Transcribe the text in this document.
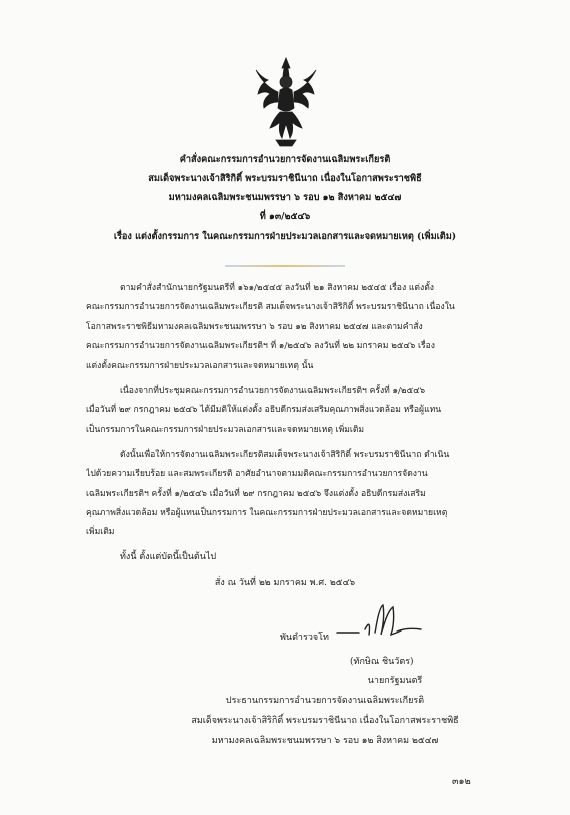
คำสั่งคณะกรรมการอำนวยการจัดงานเฉลิมพระเกียรติ
สมเด็จพระนางเจ้าสิริกิติ์ พระบรมราชินีนาถ เนื่องในโอกาสพระราชพิธี
มหามงคลเฉลิมพระชนมพรรษา ๖ รอบ ๑๒ สิงหาคม ๒๕๔๗
ที่ ๑๓/๒๕๔๖
เรื่อง แต่งตั้งกรรมการ ในคณะกรรมการฝ่ายประมวลเอกสารและจดหมายเหตุ (เพิ่มเติม)
ตามคำสั่งสำนักนายกรัฐมนตรีที่ ๑๖๑/๒๕๔๕ ลงวันที่ ๒๑ สิงหาคม ๒๕๔๕ เรื่อง แต่งตั้ง
คณะกรรมการอำนวยการจัดงานเฉลิมพระเกียรติ สมเด็จพระนางเจ้าสิริกิติ์ พระบรมราชินีนาถ เนื่องใน
โอกาสพระราชพิธีมหามงคลเฉลิมพระชนมพรรษา ๖ รอบ ๑๒ สิงหาคม ๒๕๔๗ และตามคำสั่ง
คณะกรรมการอำนวยการจัดงานเฉลิมพระเกียรติฯ ที่ ๑/๒๕๔๖ ลงวันที่ ๒๒ มกราคม ๒๕๔๖ เรื่อง
แต่งตั้งคณะกรรมการฝ่ายประมวลเอกสารและจดหมายเหตุ นั้น
เนื่องจากที่ประชุมคณะกรรมการอำนวยการจัดงานเฉลิมพระเกียรติฯ ครั้งที่ ๑/๒๕๔๖
เมื่อวันที่ ๒๙ กรกฎาคม ๒๕๔๖ ได้มีมติให้แต่งตั้ง อธิบดีกรมส่งเสริมคุณภาพสิ่งแวดล้อม หรือผู้แทน
เป็นกรรมการในคณะกรรมการฝ่ายประมวลเอกสารและจดหมายเหตุ เพิ่มเติม
ดังนั้นเพื่อให้การจัดงานเฉลิมพระเกียรติสมเด็จพระนางเจ้าสิริกิติ์ พระบรมราชินีนาถ ดำเนิน
ไปด้วยความเรียบร้อย และสมพระเกียรติ อาศัยอำนาจตามมติคณะกรรมการอำนวยการจัดงาน
เฉลิมพระเกียรติฯ ครั้งที่ ๑/๒๕๔๖ เมื่อวันที่ ๒๙ กรกฎาคม ๒๕๔๖ จึงแต่งตั้ง อธิบดีกรมส่งเสริม
คุณภาพสิ่งแวดล้อม หรือผู้แทนเป็นกรรมการ ในคณะกรรมการฝ่ายประมวลเอกสารและจดหมายเหตุ
เพิ่มเติม
ทั้งนี้ ตั้งแต่บัดนี้เป็นต้นไป
สั่ง ณ วันที่ ๒๒ มกราคม พ.ศ. ๒๕๔๖
พันตำรวจโท
(ทักษิณ ชินวัตร)
นายกรัฐมนตรี
ประธานกรรมการอำนวยการจัดงานเฉลิมพระเกียรติ
สมเด็จพระนางเจ้าสิริกิติ์ พระบรมราชินีนาถ เนื่องในโอกาสพระราชพิธี
มหามงคลเฉลิมพระชนมพรรษา ๖ รอบ ๑๒ สิงหาคม ๒๕๔๗
๓๑๒
